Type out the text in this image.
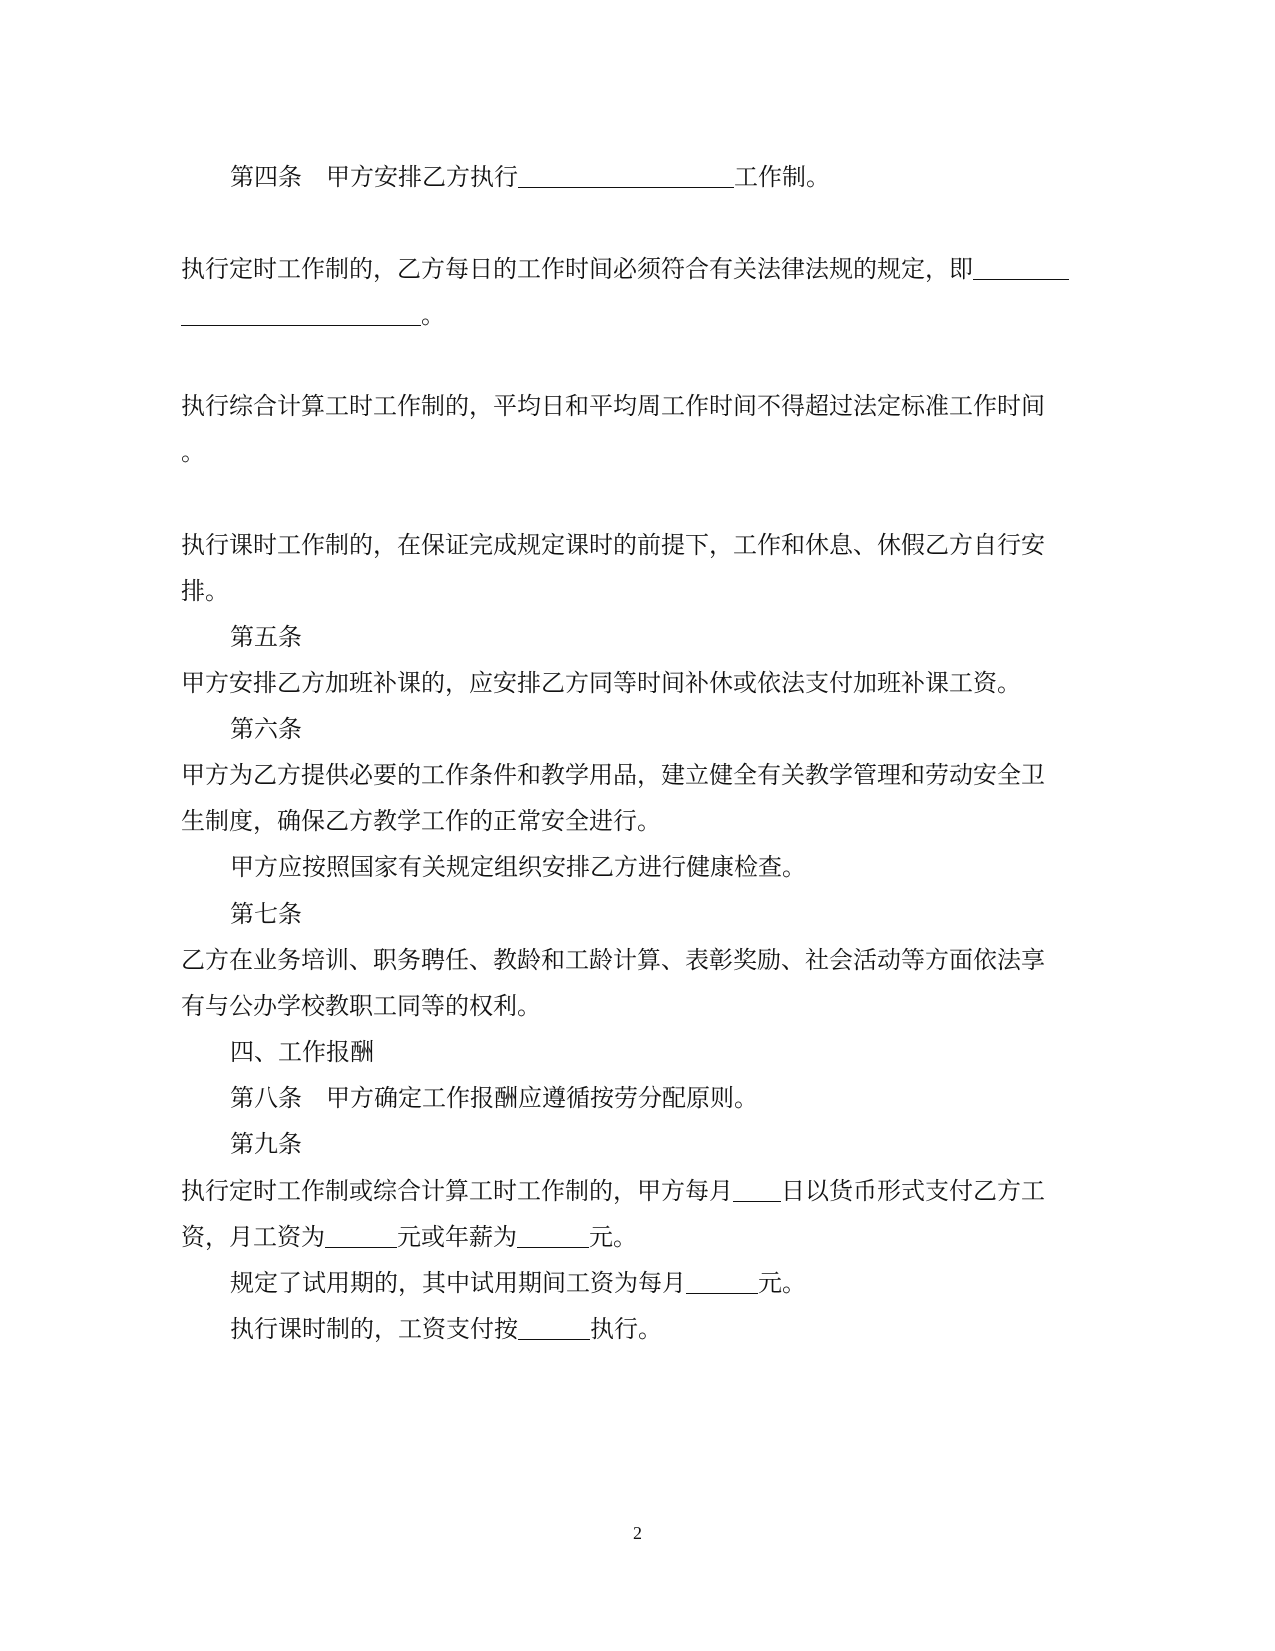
第四条　甲方安排乙方执行＿＿＿＿＿＿＿＿＿工作制。
执行定时工作制的，乙方每日的工作时间必须符合有关法律法规的规定，即＿＿＿＿
＿＿＿＿＿＿＿＿＿＿。
执行综合计算工时工作制的，平均日和平均周工作时间不得超过法定标准工作时间
。
执行课时工作制的，在保证完成规定课时的前提下，工作和休息、休假乙方自行安
排。
第五条
甲方安排乙方加班补课的，应安排乙方同等时间补休或依法支付加班补课工资。
第六条
甲方为乙方提供必要的工作条件和教学用品，建立健全有关教学管理和劳动安全卫
生制度，确保乙方教学工作的正常安全进行。
甲方应按照国家有关规定组织安排乙方进行健康检查。
第七条
乙方在业务培训、职务聘任、教龄和工龄计算、表彰奖励、社会活动等方面依法享
有与公办学校教职工同等的权利。
四、工作报酬
第八条　甲方确定工作报酬应遵循按劳分配原则。
第九条
执行定时工作制或综合计算工时工作制的，甲方每月＿＿日以货币形式支付乙方工
资，月工资为＿＿＿元或年薪为＿＿＿元。
规定了试用期的，其中试用期间工资为每月＿＿＿元。
执行课时制的，工资支付按＿＿＿执行。
2
